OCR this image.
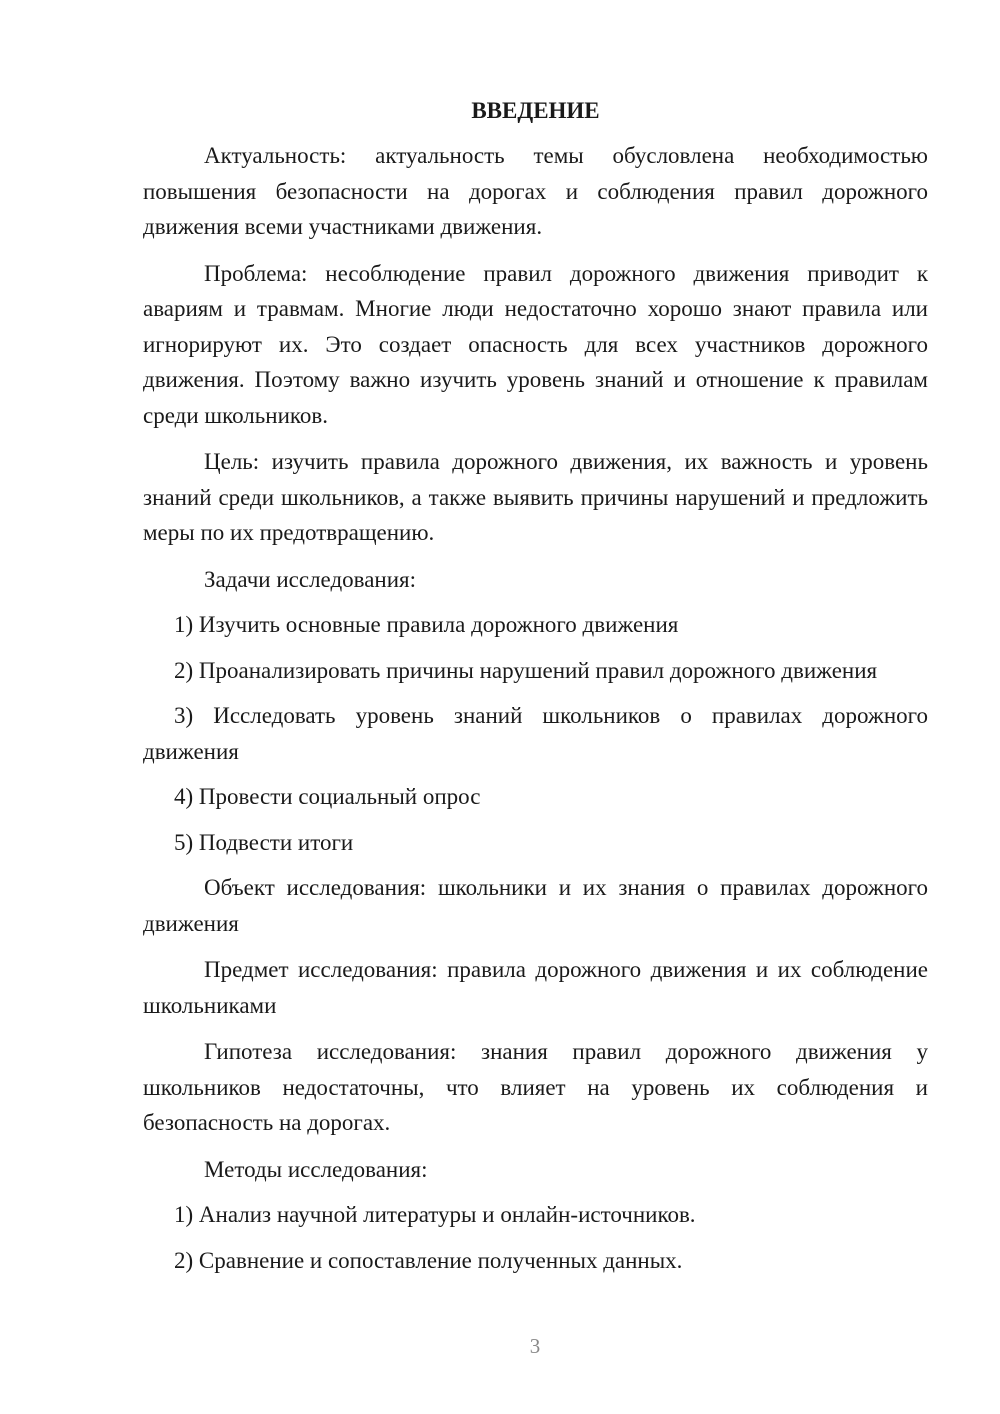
ВВЕДЕНИЕ

Актуальность: актуальность темы обусловлена необходимостью повышения безопасности на дорогах и соблюдения правил дорожного движения всеми участниками движения.

Проблема: несоблюдение правил дорожного движения приводит к авариям и травмам. Многие люди недостаточно хорошо знают правила или игнорируют их. Это создает опасность для всех участников дорожного движения. Поэтому важно изучить уровень знаний и отношение к правилам среди школьников.

Цель: изучить правила дорожного движения, их важность и уровень знаний среди школьников, а также выявить причины нарушений и предложить меры по их предотвращению.

Задачи исследования:

1) Изучить основные правила дорожного движения

2) Проанализировать причины нарушений правил дорожного движения

3) Исследовать уровень знаний школьников о правилах дорожного движения

4) Провести социальный опрос

5) Подвести итоги

Объект исследования: школьники и их знания о правилах дорожного движения

Предмет исследования: правила дорожного движения и их соблюдение школьниками

Гипотеза исследования: знания правил дорожного движения у школьников недостаточны, что влияет на уровень их соблюдения и безопасность на дорогах.

Методы исследования:

1) Анализ научной литературы и онлайн-источников.

2) Сравнение и сопоставление полученных данных.

3
